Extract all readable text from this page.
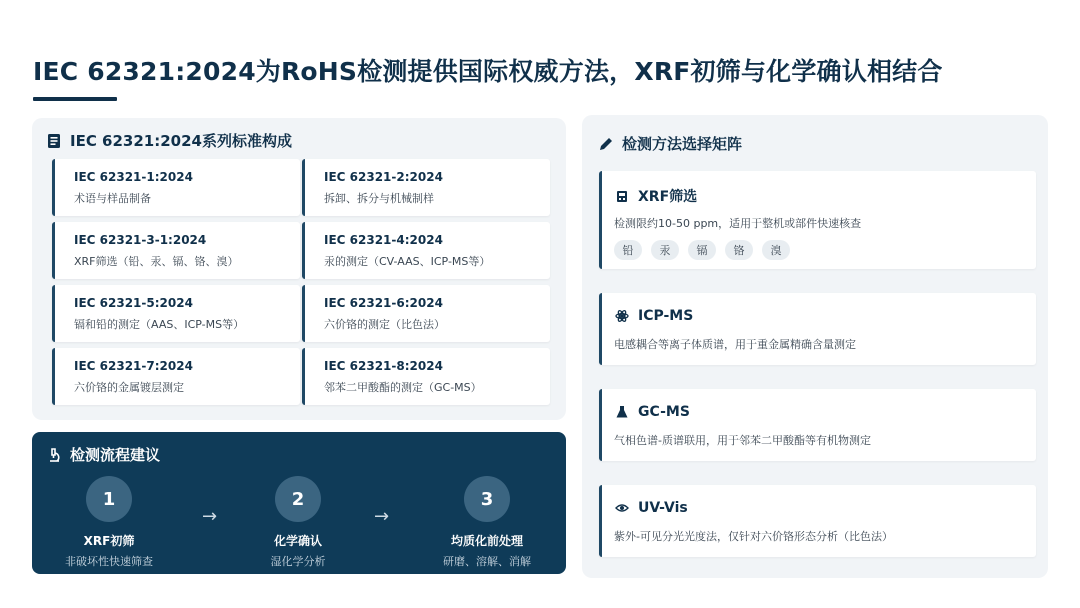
IEC 62321:2024为RoHS检测提供国际权威方法，XRF初筛与化学确认相结合
IEC 62321:2024系列标准构成
IEC 62321-1:2024
术语与样品制备
IEC 62321-2:2024
拆卸、拆分与机械制样
IEC 62321-3-1:2024
XRF筛选（铅、汞、镉、铬、溴）
IEC 62321-4:2024
汞的测定（CV-AAS、ICP-MS等）
IEC 62321-5:2024
镉和铅的测定（AAS、ICP-MS等）
IEC 62321-6:2024
六价铬的测定（比色法）
IEC 62321-7:2024
六价铬的金属镀层测定
IEC 62321-8:2024
邻苯二甲酸酯的测定（GC-MS）
检测流程建议
1
XRF初筛
非破坏性快速筛查
→
2
化学确认
湿化学分析
→
3
均质化前处理
研磨、溶解、消解
检测方法选择矩阵
XRF筛选
检测限约10-50 ppm，适用于整机或部件快速核查
铅	汞	镉	铬	溴
ICP-MS
电感耦合等离子体质谱，用于重金属精确含量测定
GC-MS
气相色谱-质谱联用，用于邻苯二甲酸酯等有机物测定
UV-Vis
紫外-可见分光光度法，仅针对六价铬形态分析（比色法）
